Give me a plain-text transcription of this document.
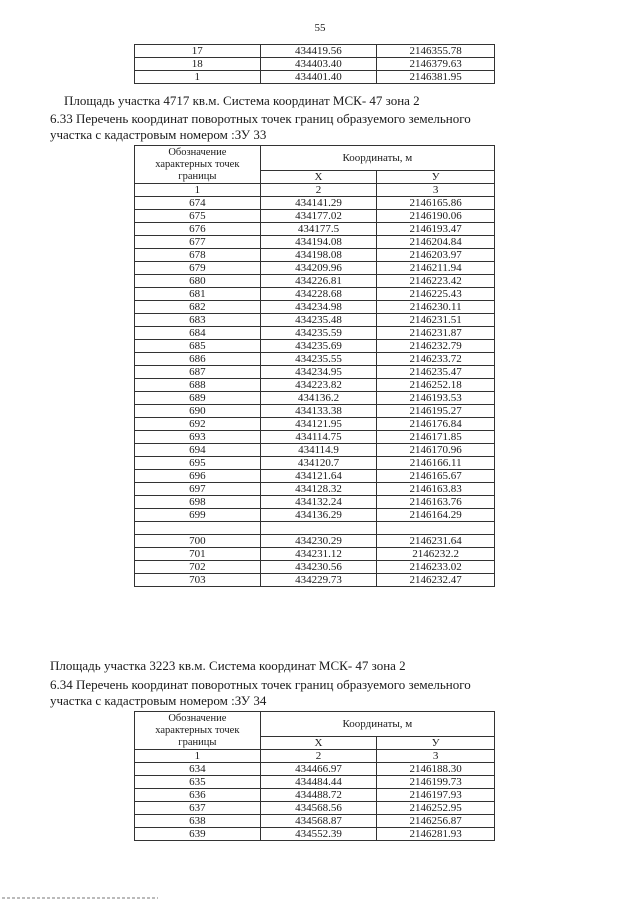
55
17	434419.56	2146355.78
18	434403.40	2146379.63
1	434401.40	2146381.95
Площадь участка 4717 кв.м. Система координат МСК- 47 зона 2
6.33 Перечень координат поворотных точек границ образуемого земельного
участка с кадастровым номером :ЗУ 33
Обозначение характерных точек границы	Координаты, м	
	Х	У
1	2	3
674	434141.29	2146165.86
675	434177.02	2146190.06
676	434177.5	2146193.47
677	434194.08	2146204.84
678	434198.08	2146203.97
679	434209.96	2146211.94
680	434226.81	2146223.42
681	434228.68	2146225.43
682	434234.98	2146230.11
683	434235.48	2146231.51
684	434235.59	2146231.87
685	434235.69	2146232.79
686	434235.55	2146233.72
687	434234.95	2146235.47
688	434223.82	2146252.18
689	434136.2	2146193.53
690	434133.38	2146195.27
692	434121.95	2146176.84
693	434114.75	2146171.85
694	434114.9	2146170.96
695	434120.7	2146166.11
696	434121.64	2146165.67
697	434128.32	2146163.83
698	434132.24	2146163.76
699	434136.29	2146164.29

700	434230.29	2146231.64
701	434231.12	2146232.2
702	434230.56	2146233.02
703	434229.73	2146232.47
Площадь участка 3223 кв.м. Система координат МСК- 47 зона 2
6.34 Перечень координат поворотных точек границ образуемого земельного
участка с кадастровым номером :ЗУ 34
Обозначение характерных точек границы	Координаты, м	
	Х	У
1	2	3
634	434466.97	2146188.30
635	434484.44	2146199.73
636	434488.72	2146197.93
637	434568.56	2146252.95
638	434568.87	2146256.87
639	434552.39	2146281.93
